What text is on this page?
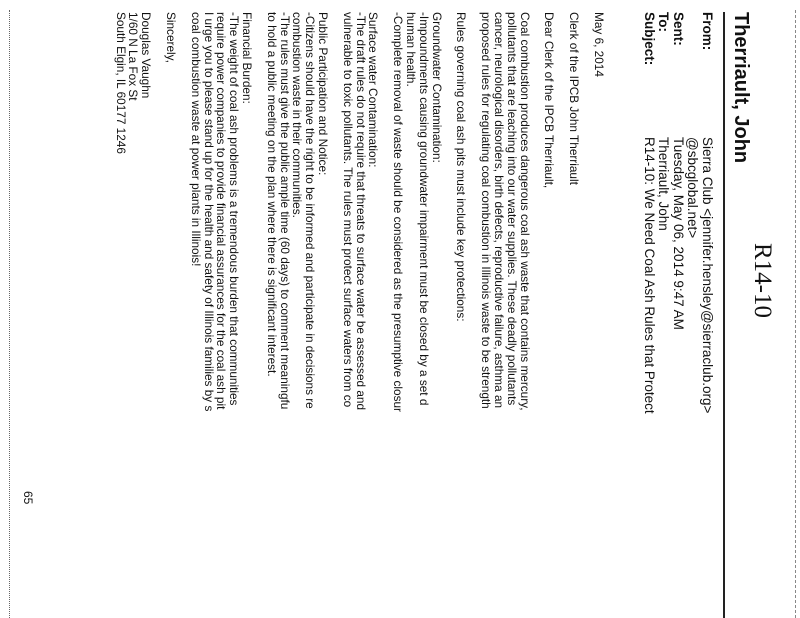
R14-10
Therriault, John
From:Sierra Club <jennifer.hensley@sierraclub.org>
@sbcglobal.net>
Sent:Tuesday, May 06, 2014 9:47 AM
To:Therriault, John
Subject:R14-10: We Need Coal Ash Rules that Protect

May 6, 2014

Clerk of the IPCB John Therriault

Dear Clerk of the IPCB Therriault,

Coal combustion produces dangerous coal ash waste that contains mercury,

pollutants that are leaching into our water supplies. These deadly pollutants

cancer, neurological disorders, birth defects, reproductive failure, asthma an

proposed rules for regulating coal combustion in Illinois waste to be strength

Rules governing coal ash pits must include key protections:

Groundwater Contamination:

-Impoundments causing groundwater impairment must be closed by a set d

human health.

-Complete removal of waste should be considered as the presumptive closur

Surface water Contamination:

-The draft rules do not require that threats to surface water be assessed and

vulnerable to toxic pollutants. The rules must protect surface waters from co

Public Participation and Notice:

-Citizens should have the right to be informed and participate in decisions re

combustion waste in their communities.

-The rules must give the public ample time (60 days) to comment meaningfu

to hold a public meeting on the plan where there is significant interest.

Financial Burden:

-The weight of coal ash problems is a tremendous burden that communities

require power companies to provide financial assurances for the coal ash pit

I urge you to please stand up for the health and safety of Illinois families by s

coal combustion waste at power plants in Illinois!

Sincerely,

Douglas Vaughn

1/60 N La Fox St

South Elgin, IL 60177 1246

65
